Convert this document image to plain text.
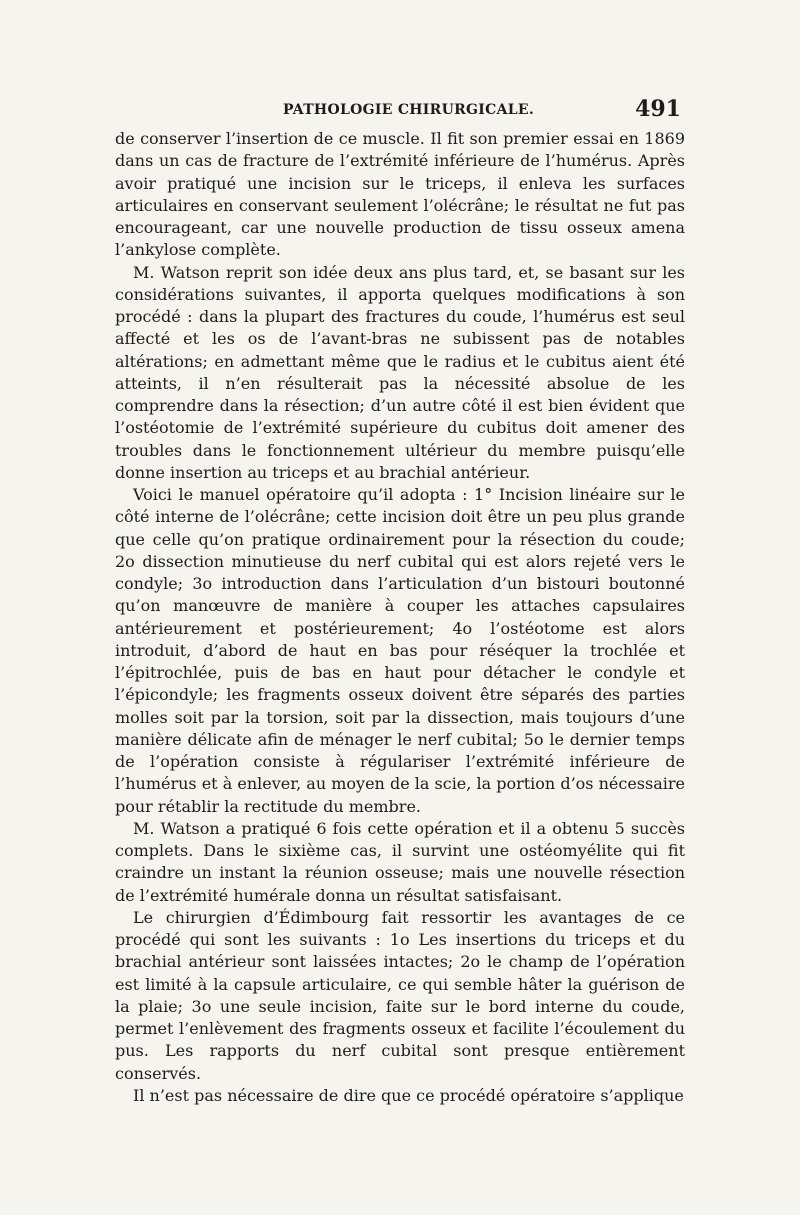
PATHOLOGIE CHIRURGICALE.	491

de conserver l’insertion de ce muscle. Il fit son premier essai en 1869 dans un cas de fracture de l’extrémité inférieure de l’humérus. Après avoir pratiqué une incision sur le triceps, il enleva les surfaces articulaires en conservant seulement l’olécrâne; le résultat ne fut pas encourageant, car une nouvelle production de tissu osseux amena l’ankylose complète.

M. Watson reprit son idée deux ans plus tard, et, se basant sur les considérations suivantes, il apporta quelques modifications à son procédé : dans la plupart des fractures du coude, l’humérus est seul affecté et les os de l’avant-bras ne subissent pas de notables altérations; en admettant même que le radius et le cubitus aient été atteints, il n’en résulterait pas la nécessité absolue de les comprendre dans la résection; d’un autre côté il est bien évident que l’ostéotomie de l’extrémité supérieure du cubitus doit amener des troubles dans le fonctionnement ultérieur du membre puisqu’elle donne insertion au triceps et au brachial antérieur.

Voici le manuel opératoire qu’il adopta : 1° Incision linéaire sur le côté interne de l’olécrâne; cette incision doit être un peu plus grande que celle qu’on pratique ordinairement pour la résection du coude; 2o dissection minutieuse du nerf cubital qui est alors rejeté vers le condyle; 3o introduction dans l’articulation d’un bistouri boutonné qu’on manœuvre de manière à couper les attaches capsulaires antérieurement et postérieurement; 4o l’ostéotome est alors introduit, d’abord de haut en bas pour réséquer la trochlée et l’épitrochlée, puis de bas en haut pour détacher le condyle et l’épicondyle; les fragments osseux doivent être séparés des parties molles soit par la torsion, soit par la dissection, mais toujours d’une manière délicate afin de ménager le nerf cubital; 5o le dernier temps de l’opération consiste à régulariser l’extrémité inférieure de l’humérus et à enlever, au moyen de la scie, la portion d’os nécessaire pour rétablir la rectitude du membre.

M. Watson a pratiqué 6 fois cette opération et il a obtenu 5 succès complets. Dans le sixième cas, il survint une ostéomyélite qui fit craindre un instant la réunion osseuse; mais une nouvelle résection de l’extrémité humérale donna un résultat satisfaisant.

Le chirurgien d’Édimbourg fait ressortir les avantages de ce procédé qui sont les suivants : 1o Les insertions du triceps et du brachial antérieur sont laissées intactes; 2o le champ de l’opération est limité à la capsule articulaire, ce qui semble hâter la guérison de la plaie; 3o une seule incision, faite sur le bord interne du coude, permet l’enlèvement des fragments osseux et facilite l’écoulement du pus. Les rapports du nerf cubital sont presque entièrement conservés.

Il n’est pas nécessaire de dire que ce procédé opératoire s’applique
